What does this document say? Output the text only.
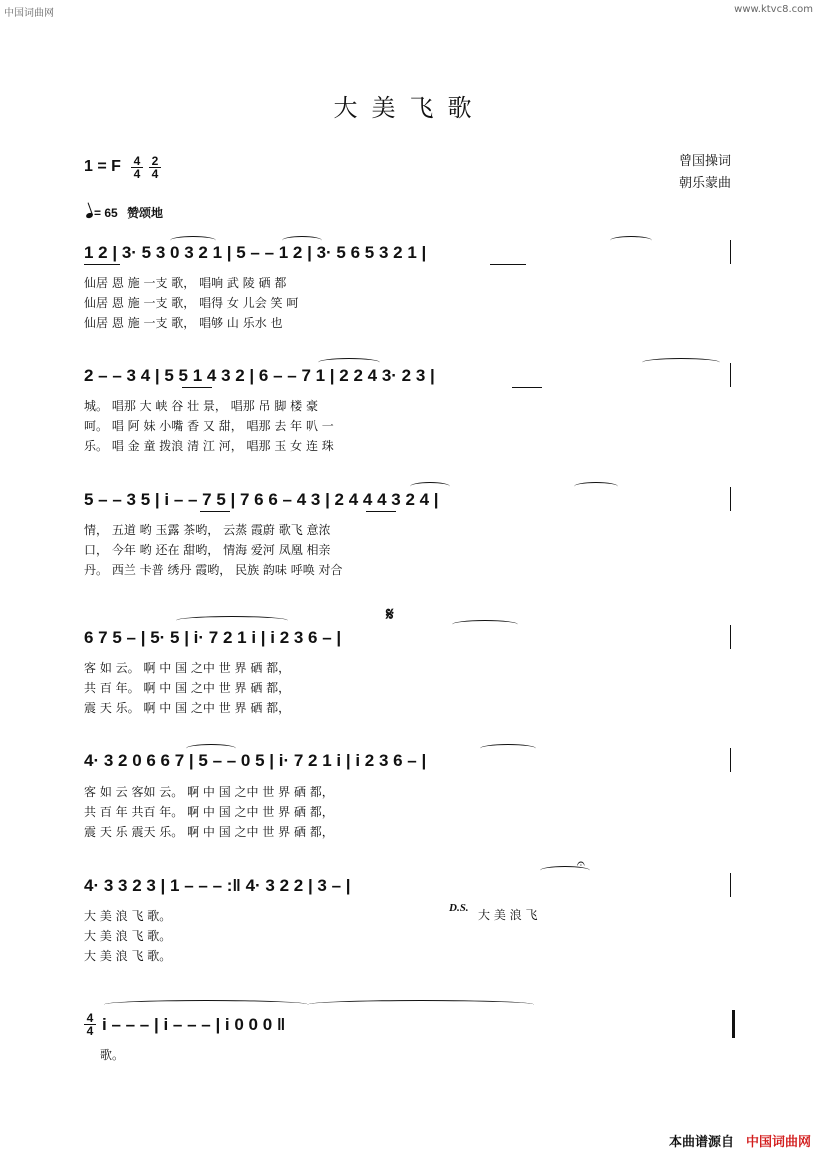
中国词曲网	www.ktvc8.com
大美飞歌
1 = F $\frac{4}{4} \frac{2}{4}$	曾国操词
朝乐蒙曲
= 65 赞颂地
1 2 | 3· 5 3 0 3 2 1 | 5 – – 1 2 | 3· 5 6 5 3 2 1 |
仙居 恩 施 一支 歌， 唱响 武 陵 硒 都
仙居 恩 施 一支 歌， 唱得 女 儿会 笑 呵
仙居 恩 施 一支 歌， 唱够 山 乐水 也
2 – – 3 4 | 5 5 1 4 3 2 | 6 – – 7 1 | 2 2 4 3· 2 3 |
城。 唱那 大 峡 谷 壮 景， 唱那 吊 脚 楼 豪
呵。 唱 阿 妹 小嘴 香 又 甜， 唱那 去 年 叭 一
乐。 唱 金 童 拨浪 清 江 河， 唱那 玉 女 连 珠
5 – – 3 5 | i – – 7 5 | 7 6 6 – 4 3 | 2 4 4 4 3 2 4 |
情， 五道 哟 玉露 茶哟， 云蒸 霞蔚 歌飞 意浓
口， 今年 哟 还在 甜哟， 情海 爱河 凤凰 相亲
丹。 西兰 卡普 绣丹 霞哟， 民族 韵味 呼唤 对合
𝄋
6 7 5 – | 5· 5 | i· 7 2 1 i | i 2 3 6 – |
客 如 云。 啊 中 国 之中 世 界 硒 都，
共 百 年。 啊 中 国 之中 世 界 硒 都，
震 天 乐。 啊 中 国 之中 世 界 硒 都，
4· 3 2 0 6 6 7 | 5 – – 0 5 | i· 7 2 1 i | i 2 3 6 – |
客 如 云 客如 云。 啊 中 国 之中 世 界 硒 都，
共 百 年 共百 年。 啊 中 国 之中 世 界 硒 都，
震 天 乐 震天 乐。 啊 中 国 之中 世 界 硒 都，
4· 3 3 2 3 | 1 – – – :‖ 4· 3 2 2 | 3 – |
𝄐
D.S.
大 美 浪 飞 歌。
大 美 浪 飞 歌。
大 美 浪 飞 歌。
大 美 浪 飞
$\frac{4}{4}$ i – – – | i – – – | i 0 0 0 ‖
歌。
本曲谱源自 中国词曲网
